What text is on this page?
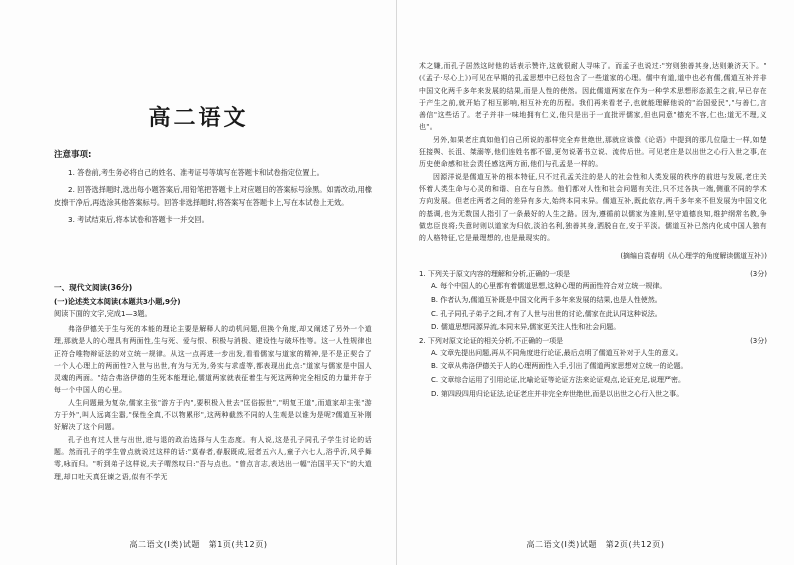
高二语文
注意事项:

1. 答卷前,考生务必将自己的姓名、准考证号等填写在答题卡和试卷指定位置上。

2. 回答选择题时,选出每小题答案后,用铅笔把答题卡上对应题目的答案标号涂黑。如需改动,用橡皮擦干净后,再选涂其他答案标号。回答非选择题时,将答案写在答题卡上,写在本试卷上无效。

3. 考试结束后,将本试卷和答题卡一并交回。

一、现代文阅读(36分)
(一)论述类文本阅读(本题共3小题,9分)
阅读下面的文字,完成1—3题。

弗洛伊德关于生与死的本能的理论主要是解释人的动机问题,但换个角度,却又阐述了另外一个道理,那就是人的心理具有两面性,生与死、爱与恨、积极与消极、建设性与破坏性等。这一人性规律也正符合唯物辩证法的对立统一规律。从这一点再进一步出发,看看儒家与道家的精神,是不是正契合了一个人心理上的两面性?入世与出世,有为与无为,务实与求虚等,都表现出此点:"道家与儒家是中国人灵魂的两面。"结合弗洛伊德的生死本能理论,儒道两家就表征着生与死这两种完全相反的力量并存于每一个中国人的心里。

人生问题最为复杂,儒家主张"游方于内",要积极入世去"匡俗振世","明复王道",而道家却主张"游方于外",叫人远离尘嚣,"保性全真,不以物累形",这两种截然不同的人生观是以谁为是呢?儒道互补刚好解决了这个问题。

孔子也有过人世与出世,进与退的政治选择与人生态度。有人说,这是孔子同孔子学生讨论的话题。然而孔子的学生曾点就说过这样的话:"莫春者,春服既成,冠者五六人,童子六七人,浴乎沂,风乎舞雩,咏而归。"听到弟子这样说,夫子喟然叹曰:"吾与点也。"曾点言志,表达出一幅"治国平天下"的大道理,却口吐天真狂谏之语,似有不学无

高二语文(Ⅰ类)试题　第1页(共12页)

术之嫌,而孔子居然这时他的话表示赞许,这就很耐人寻味了。而孟子也说过:"穷则独善其身,达则兼济天下。"(《孟子·尽心上》)可见在早期的孔孟思想中已经包含了一些道家的心理。儒中有道,道中也必有儒,儒道互补并非中国文化两千多年来发展的结果,而是人性的使然。因此儒道两家在作为一种学术思想形态派生之前,早已存在于产生之前,就开始了相互影响,相互补充的历程。我们再来看老子,也就能理解他说的"治国爱民","与善仁,言善信"这些话了。老子并非一味地拥有仁义,他只是出于一直批评儒家,但也同意"德充不容,仁也;道无不理,义也"。

另外,如果老庄真如他们自己所说的那样完全弃世绝世,那就应该像《论语》中提到的那几位隐士一样,如楚狂接舆、长沮、桀溺等,他们连姓名都不留,更勿说著书立说、流传后世。可见老庄是以出世之心行入世之事,在历史使命感和社会责任感这两方面,他们与孔孟是一样的。

因源洋说是儒道互补的根本特征,只不过孔孟关注的是人的社会性和人类发展的秩序的前进与发展,老庄关怀着人类生命与心灵的和谐、自在与自然。他们都对人性和社会问题有关注,只不过各执一端,侧重不同的学术方向发展。但老庄两者之间的差异有多大,始终本同末异。儒道互补,既此依存,两千多年来不但发展为中国文化的基调,也为无数国人指引了一条最好的人生之路。因为,遵循前以儒家为准则,坚守道德良知,维护纲常名教,争做忠臣良将;失意时则以道家为归依,淡泊名利,独善其身,洒脱自在,安于平淡。儒道互补已然内化成中国人独有的人格特征,它是最理想的,也是最现实的。

(摘编自袁春明《从心理学的角度解读儒道互补》)
1. 下列关于原文内容的理解和分析,正确的一项是	(3分)
A. 每个中国人的心里都有着儒道思想,这种心理的两面性符合对立统一规律。
B. 作者认为,儒道互补既是中国文化两千多年来发展的结果,也是人性使然。
C. 孔子同孔子弟子之间,才有了人世与出世的讨论,儒家在此认同这种说法。
D. 儒道思想同源异流,本同末异,儒家更关注人性和社会问题。
2. 下列对原文论证的相关分析,不正确的一项是	(3分)
A. 文章先提出问题,再从不同角度进行论证,最后点明了儒道互补对于人生的意义。
B. 文章从弗洛伊德关于人的心理两面性入手,引出了儒道两家思想对立统一的论题。
C. 文章综合运用了引用论证,比喻论证等论证方法来论证观点,论证充足,说理严密。
D. 第四段四用归论证法,论证老庄并非完全弃世绝世,而是以出世之心行入世之事。
高二语文(Ⅰ类)试题　第2页(共12页)
